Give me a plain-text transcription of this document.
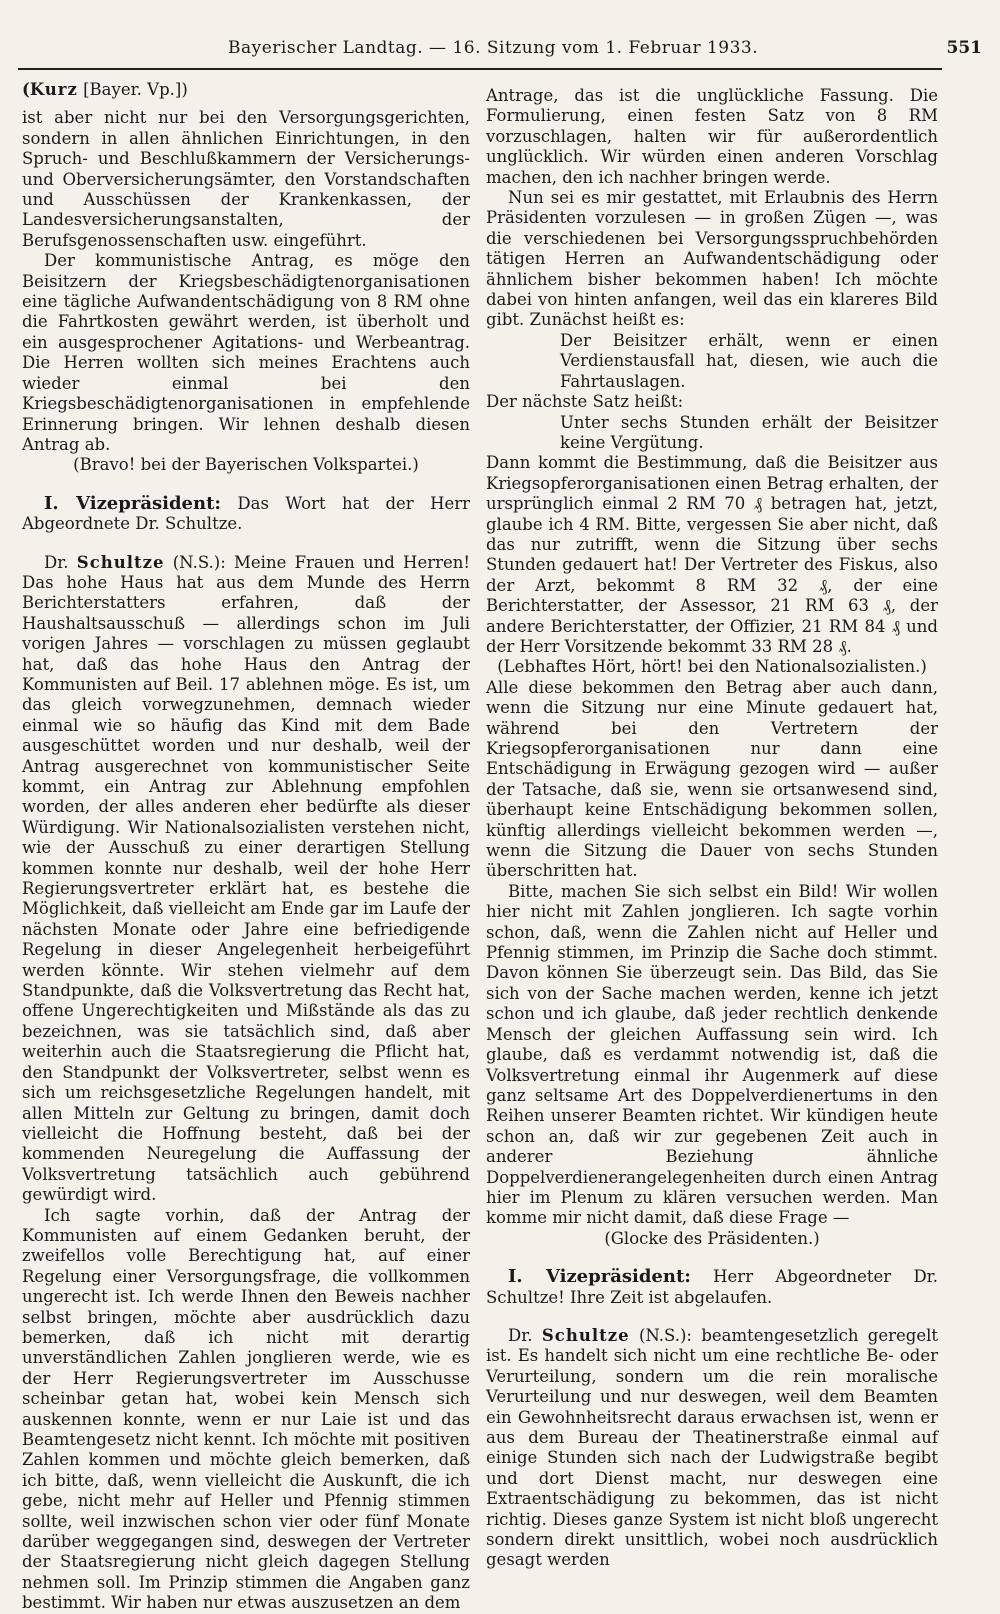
Bayerischer Landtag. — 16. Sitzung vom 1. Februar 1933.	551

(Kurz [Bayer. Vp.])

ist aber nicht nur bei den Versorgungsgerichten, sondern in allen ähnlichen Einrichtungen, in den Spruch- und Beschlußkammern der Versicherungs- und Oberversicherungsämter, den Vorstandschaften und Ausschüssen der Krankenkassen, der Landesversicherungsanstalten, der Berufsgenossenschaften usw. eingeführt.

Der kommunistische Antrag, es möge den Beisitzern der Kriegsbeschädigtenorganisationen eine tägliche Aufwandentschädigung von 8 RM ohne die Fahrtkosten gewährt werden, ist überholt und ein ausgesprochener Agitations- und Werbeantrag. Die Herren wollten sich meines Erachtens auch wieder einmal bei den Kriegsbeschädigtenorganisationen in empfehlende Erinnerung bringen. Wir lehnen deshalb diesen Antrag ab.

(Bravo! bei der Bayerischen Volkspartei.)

I. Vizepräsident: Das Wort hat der Herr Abgeordnete Dr. Schultze.

Dr. Schultze (N.S.): Meine Frauen und Herren! Das hohe Haus hat aus dem Munde des Herrn Berichterstatters erfahren, daß der Haushaltsausschuß — allerdings schon im Juli vorigen Jahres — vorschlagen zu müssen geglaubt hat, daß das hohe Haus den Antrag der Kommunisten auf Beil. 17 ablehnen möge. Es ist, um das gleich vorwegzunehmen, demnach wieder einmal wie so häufig das Kind mit dem Bade ausgeschüttet worden und nur deshalb, weil der Antrag ausgerechnet von kommunistischer Seite kommt, ein Antrag zur Ablehnung empfohlen worden, der alles anderen eher bedürfte als dieser Würdigung. Wir Nationalsozialisten verstehen nicht, wie der Ausschuß zu einer derartigen Stellung kommen konnte nur deshalb, weil der hohe Herr Regierungsvertreter erklärt hat, es bestehe die Möglichkeit, daß vielleicht am Ende gar im Laufe der nächsten Monate oder Jahre eine befriedigende Regelung in dieser Angelegenheit herbeigeführt werden könnte. Wir stehen vielmehr auf dem Standpunkte, daß die Volksvertretung das Recht hat, offene Ungerechtigkeiten und Mißstände als das zu bezeichnen, was sie tatsächlich sind, daß aber weiterhin auch die Staatsregierung die Pflicht hat, den Standpunkt der Volksvertreter, selbst wenn es sich um reichsgesetzliche Regelungen handelt, mit allen Mitteln zur Geltung zu bringen, damit doch vielleicht die Hoffnung besteht, daß bei der kommenden Neuregelung die Auffassung der Volksvertretung tatsächlich auch gebührend gewürdigt wird.

Ich sagte vorhin, daß der Antrag der Kommunisten auf einem Gedanken beruht, der zweifellos volle Berechtigung hat, auf einer Regelung einer Versorgungsfrage, die vollkommen ungerecht ist. Ich werde Ihnen den Beweis nachher selbst bringen, möchte aber ausdrücklich dazu bemerken, daß ich nicht mit derartig unverständlichen Zahlen jonglieren werde, wie es der Herr Regierungsvertreter im Ausschusse scheinbar getan hat, wobei kein Mensch sich auskennen konnte, wenn er nur Laie ist und das Beamtengesetz nicht kennt. Ich möchte mit positiven Zahlen kommen und möchte gleich bemerken, daß ich bitte, daß, wenn vielleicht die Auskunft, die ich gebe, nicht mehr auf Heller und Pfennig stimmen sollte, weil inzwischen schon vier oder fünf Monate darüber weggegangen sind, deswegen der Vertreter der Staatsregierung nicht gleich dagegen Stellung nehmen soll. Im Prinzip stimmen die Angaben ganz bestimmt. Wir haben nur etwas auszusetzen an dem

Antrage, das ist die unglückliche Fassung. Die Formulierung, einen festen Satz von 8 RM vorzuschlagen, halten wir für außerordentlich unglücklich. Wir würden einen anderen Vorschlag machen, den ich nachher bringen werde.

Nun sei es mir gestattet, mit Erlaubnis des Herrn Präsidenten vorzulesen — in großen Zügen —, was die verschiedenen bei Versorgungsspruchbehörden tätigen Herren an Aufwandentschädigung oder ähnlichem bisher bekommen haben! Ich möchte dabei von hinten anfangen, weil das ein klareres Bild gibt. Zunächst heißt es:

Der Beisitzer erhält, wenn er einen Verdienstausfall hat, diesen, wie auch die Fahrtauslagen.

Der nächste Satz heißt:

Unter sechs Stunden erhält der Beisitzer keine Vergütung.

Dann kommt die Bestimmung, daß die Beisitzer aus Kriegsopferorganisationen einen Betrag erhalten, der ursprünglich einmal 2 RM 70 ₰ betragen hat, jetzt, glaube ich 4 RM. Bitte, vergessen Sie aber nicht, daß das nur zutrifft, wenn die Sitzung über sechs Stunden gedauert hat! Der Vertreter des Fiskus, also der Arzt, bekommt 8 RM 32 ₰, der eine Berichterstatter, der Assessor, 21 RM 63 ₰, der andere Berichterstatter, der Offizier, 21 RM 84 ₰ und der Herr Vorsitzende bekommt 33 RM 28 ₰.

(Lebhaftes Hört, hört! bei den Nationalsozialisten.)

Alle diese bekommen den Betrag aber auch dann, wenn die Sitzung nur eine Minute gedauert hat, während bei den Vertretern der Kriegsopferorganisationen nur dann eine Entschädigung in Erwägung gezogen wird — außer der Tatsache, daß sie, wenn sie ortsanwesend sind, überhaupt keine Entschädigung bekommen sollen, künftig allerdings vielleicht bekommen werden —, wenn die Sitzung die Dauer von sechs Stunden überschritten hat.

Bitte, machen Sie sich selbst ein Bild! Wir wollen hier nicht mit Zahlen jonglieren. Ich sagte vorhin schon, daß, wenn die Zahlen nicht auf Heller und Pfennig stimmen, im Prinzip die Sache doch stimmt. Davon können Sie überzeugt sein. Das Bild, das Sie sich von der Sache machen werden, kenne ich jetzt schon und ich glaube, daß jeder rechtlich denkende Mensch der gleichen Auffassung sein wird. Ich glaube, daß es verdammt notwendig ist, daß die Volksvertretung einmal ihr Augenmerk auf diese ganz seltsame Art des Doppelverdienertums in den Reihen unserer Beamten richtet. Wir kündigen heute schon an, daß wir zur gegebenen Zeit auch in anderer Beziehung ähnliche Doppelverdienerangelegenheiten durch einen Antrag hier im Plenum zu klären versuchen werden. Man komme mir nicht damit, daß diese Frage —

(Glocke des Präsidenten.)

I. Vizepräsident: Herr Abgeordneter Dr. Schultze! Ihre Zeit ist abgelaufen.

Dr. Schultze (N.S.): beamtengesetzlich geregelt ist. Es handelt sich nicht um eine rechtliche Be- oder Verurteilung, sondern um die rein moralische Verurteilung und nur deswegen, weil dem Beamten ein Gewohnheitsrecht daraus erwachsen ist, wenn er aus dem Bureau der Theatinerstraße einmal auf einige Stunden sich nach der Ludwigstraße begibt und dort Dienst macht, nur deswegen eine Extraentschädigung zu bekommen, das ist nicht richtig. Dieses ganze System ist nicht bloß ungerecht sondern direkt unsittlich, wobei noch ausdrücklich gesagt werden
